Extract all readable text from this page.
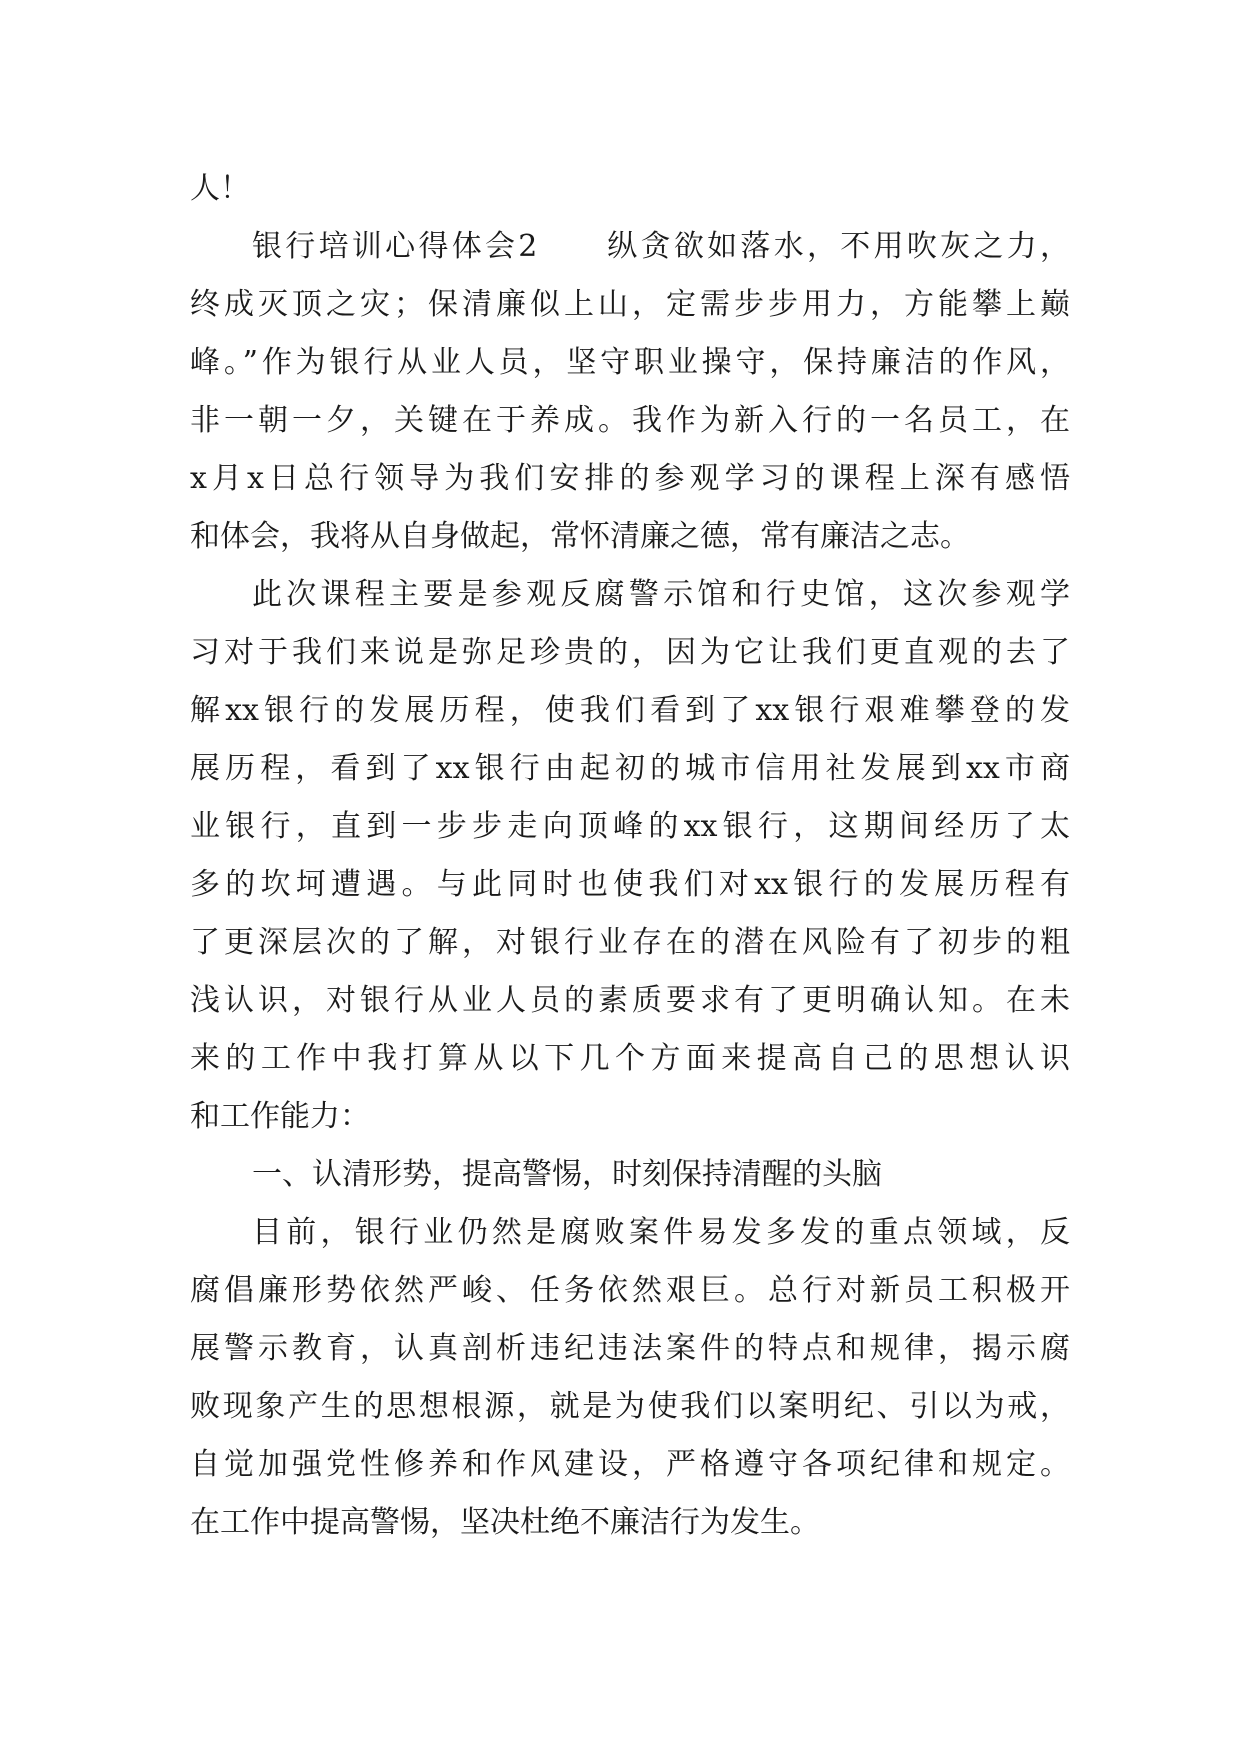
人！
银行培训心得体会2　　纵贪欲如落水，不用吹灰之力，
终成灭顶之灾；保清廉似上山，定需步步用力，方能攀上巅
峰。”作为银行从业人员，坚守职业操守，保持廉洁的作风，
非一朝一夕，关键在于养成。我作为新入行的一名员工，在
x月x日总行领导为我们安排的参观学习的课程上深有感悟
和体会，我将从自身做起，常怀清廉之德，常有廉洁之志。
此次课程主要是参观反腐警示馆和行史馆，这次参观学
习对于我们来说是弥足珍贵的，因为它让我们更直观的去了
解xx银行的发展历程，使我们看到了xx银行艰难攀登的发
展历程，看到了xx银行由起初的城市信用社发展到xx市商
业银行，直到一步步走向顶峰的xx银行，这期间经历了太
多的坎坷遭遇。与此同时也使我们对xx银行的发展历程有
了更深层次的了解，对银行业存在的潜在风险有了初步的粗
浅认识，对银行从业人员的素质要求有了更明确认知。在未
来的工作中我打算从以下几个方面来提高自己的思想认识
和工作能力：
一、认清形势，提高警惕，时刻保持清醒的头脑
目前，银行业仍然是腐败案件易发多发的重点领域，反
腐倡廉形势依然严峻、任务依然艰巨。总行对新员工积极开
展警示教育，认真剖析违纪违法案件的特点和规律，揭示腐
败现象产生的思想根源，就是为使我们以案明纪、引以为戒，
自觉加强党性修养和作风建设，严格遵守各项纪律和规定。
在工作中提高警惕，坚决杜绝不廉洁行为发生。
